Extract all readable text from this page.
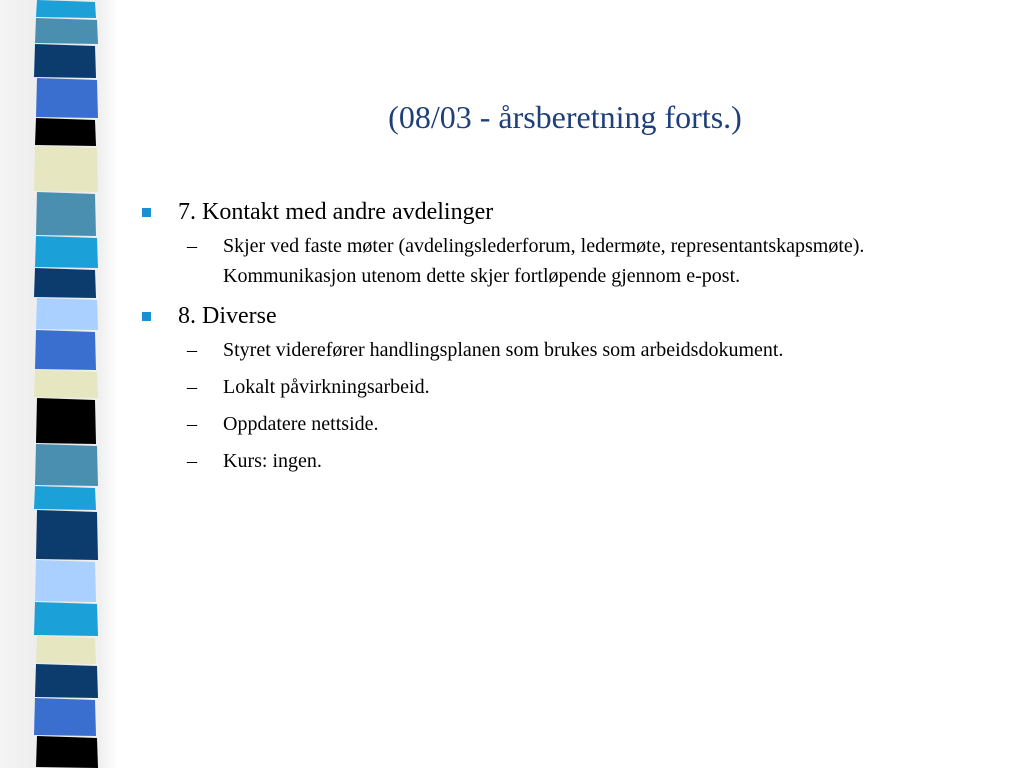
(08/03 - årsberetning forts.)
7. Kontakt med andre avdelinger
– Skjer ved faste møter (avdelingslederforum, ledermøte, representantskapsmøte). Kommunikasjon utenom dette skjer fortløpende gjennom e-post.
8. Diverse
– Styret viderefører handlingsplanen som brukes som arbeidsdokument.
– Lokalt påvirkningsarbeid.
– Oppdatere nettside.
– Kurs: ingen.
